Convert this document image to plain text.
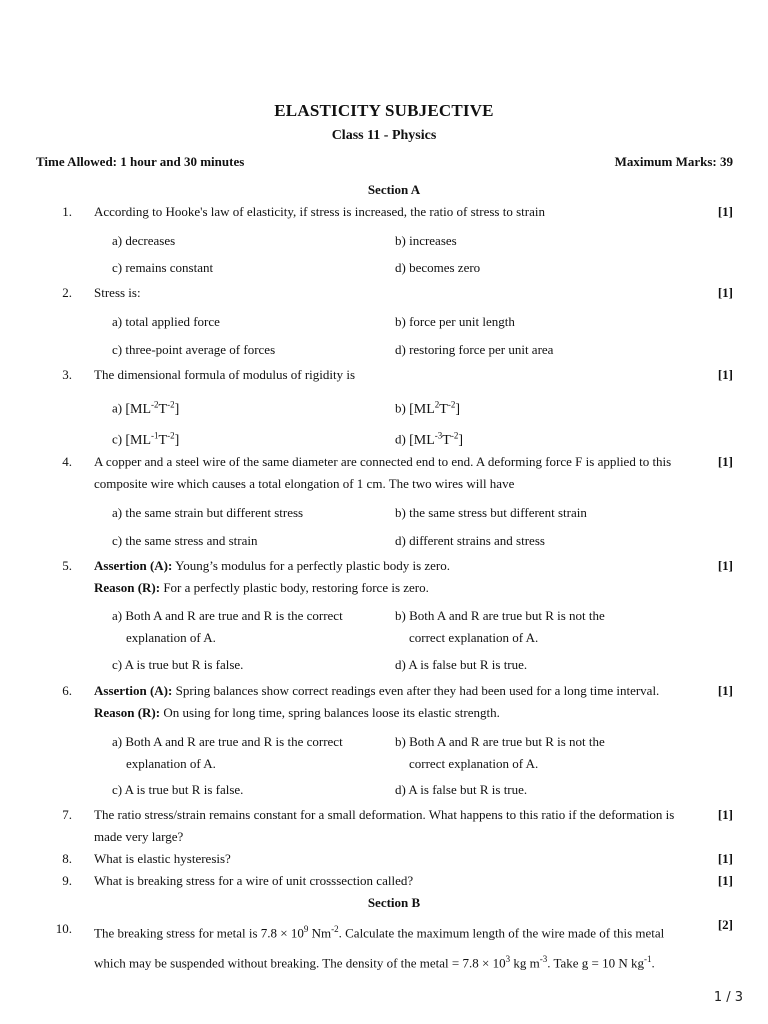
ELASTICITY SUBJECTIVE
Class 11 - Physics
Time Allowed: 1 hour and 30 minutes	Maximum Marks: 39
Section A
1. According to Hooke's law of elasticity, if stress is increased, the ratio of stress to strain	[1]
a) decreases	b) increases
c) remains constant	d) becomes zero
2. Stress is:	[1]
a) total applied force	b) force per unit length
c) three-point average of forces	d) restoring force per unit area
3. The dimensional formula of modulus of rigidity is	[1]
a) $[ML^{-2}T^{-2}]$	b) $[ML^2T^{-2}]$
c) $[ML^{-1}T^{-2}]$	d) $[ML^{-3}T^{-2}]$
4. A copper and a steel wire of the same diameter are connected end to end. A deforming force F is applied to this composite wire which causes a total elongation of 1 cm. The two wires will have
[1]
a) the same strain but different stress	b) the same stress but different strain
c) the same stress and strain	d) different strains and stress
5. Assertion (A): Young’s modulus for a perfectly plastic body is zero.
Reason (R): For a perfectly plastic body, restoring force is zero.
[1]
a) Both A and R are true and R is the correct
explanation of A.
b) Both A and R are true but R is not the
correct explanation of A.
c) A is true but R is false.	d) A is false but R is true.
6. Assertion (A): Spring balances show correct readings even after they had been used for a long time interval.
Reason (R): On using for long time, spring balances loose its elastic strength.
[1]
a) Both A and R are true and R is the correct
explanation of A.
b) Both A and R are true but R is not the
correct explanation of A.
c) A is true but R is false.	d) A is false but R is true.
7. The ratio stress/strain remains constant for a small deformation. What happens to this ratio if the deformation is made very large?
[1]
8. What is elastic hysteresis?	[1]
9. What is breaking stress for a wire of unit crosssection called?	[1]
Section B
10. The breaking stress for metal is $7.8 \times 10^9$ $Nm^{-2}$. Calculate the maximum length of the wire made of this metal
which may be suspended without breaking. The density of the metal = $7.8 \times 10^3$ kg $m^{-3}$. Take g = 10 N $kg^{-1}$.
[2]
1 / 3
